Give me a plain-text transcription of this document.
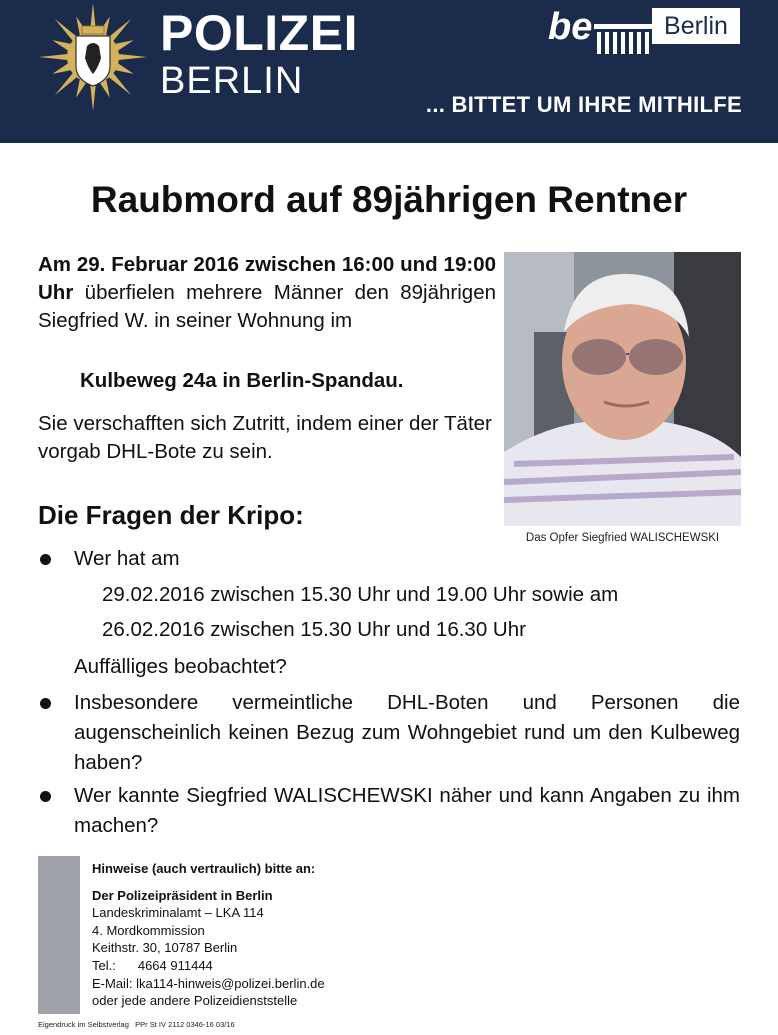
POLIZEI
BERLIN
be	Berlin
... BITTET UM IHRE MITHILFE
Raubmord auf 89jährigen Rentner
Am 29. Februar 2016 zwischen 16:00 und 19:00 Uhr überfielen mehrere Männer den 89jährigen Siegfried W. in seiner Wohnung im
Kulbeweg 24a in Berlin-Spandau.
Sie verschafften sich Zutritt, indem einer der Täter vorgab DHL-Bote zu sein.
Das Opfer Siegfried WALISCHEWSKI
Die Fragen der Kripo:
Wer hat am
29.02.2016 zwischen 15.30 Uhr und 19.00 Uhr sowie am
26.02.2016 zwischen 15.30 Uhr und 16.30 Uhr
Auffälliges beobachtet?
Insbesondere vermeintliche DHL-Boten und Personen die augenscheinlich keinen Bezug zum Wohngebiet rund um den Kulbeweg haben?
Wer kannte Siegfried WALISCHEWSKI näher und kann Angaben zu ihm machen?
Hinweise (auch vertraulich) bitte an:
Der Polizeipräsident in Berlin
Landeskriminalamt – LKA 114
4. Mordkommission
Keithstr. 30, 10787 Berlin
Tel.: 4664 911444
E-Mail: lka114-hinweis@polizei.berlin.de
oder jede andere Polizeidienststelle
Eigendruck im Selbstverlag PPr St IV 2112 0346-16 03/16
